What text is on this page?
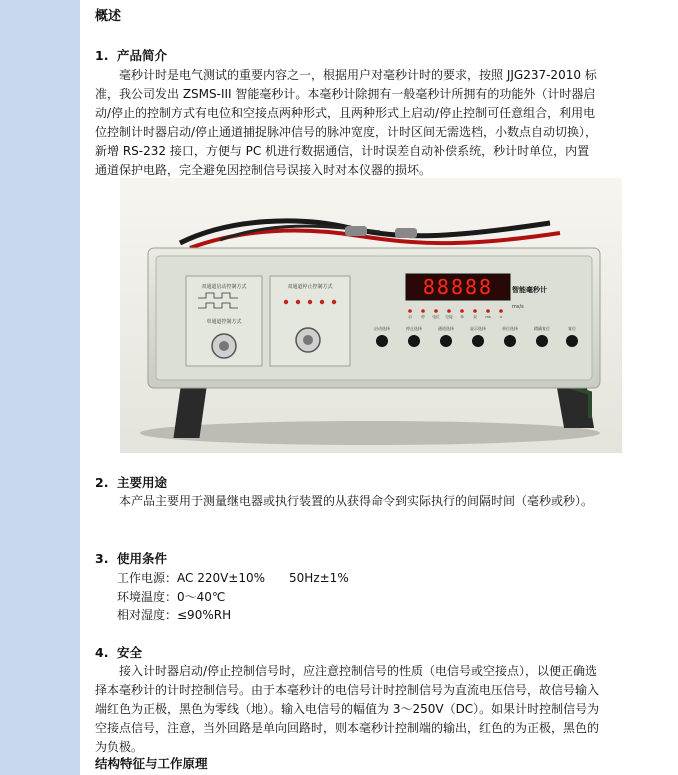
概述
1. 产品简介
毫秒计时是电气测试的重要内容之一，根据用户对毫秒计时的要求，按照 JJG237-2010 标准，我公司发出 ZSMS-III 智能毫秒计。本毫秒计除拥有一般毫秒计所拥有的功能外（计时器启动/停止的控制方式有电位和空接点两种形式，且两种形式上启动/停止控制可任意组合，利用电位控制计时器启动/停止通道捕捉脉冲信号的脉冲宽度，计时区间无需选档，小数点自动切换），新增 RS-232 接口，方便与 PC 机进行数据通信，计时误差自动补偿系统，秒计时单位，内置通道保护电路，完全避免因控制信号误接入时对本仪器的损坏。
双通道启动控制方式
单通道控制方式
双通道停止控制方式	88888	智能毫秒计
ms/s
启	停 电位 空接 单	双 ms	s
启动选择	停止选择	通道选择	显示选择	单位选择	精确复位	复位
2. 主要用途
本产品主要用于测量继电器或执行装置的从获得命令到实际执行的间隔时间（毫秒或秒）。
3. 使用条件
工作电源：AC 220V±10%　　50Hz±1%
环境温度：0～40℃
相对湿度：≤90%RH
4. 安全
接入计时器启动/停止控制信号时，应注意控制信号的性质（电信号或空接点），以便正确选择本毫秒计的计时控制信号。由于本毫秒计的电信号计时控制信号为直流电压信号，故信号输入端红色为正极，黑色为零线（地）。输入电信号的幅值为 3～250V（DC）。如果计时控制信号为空接点信号，注意，当外回路是单向回路时，则本毫秒计控制端的输出，红色的为正极，黑色的为负极。
结构特征与工作原理
